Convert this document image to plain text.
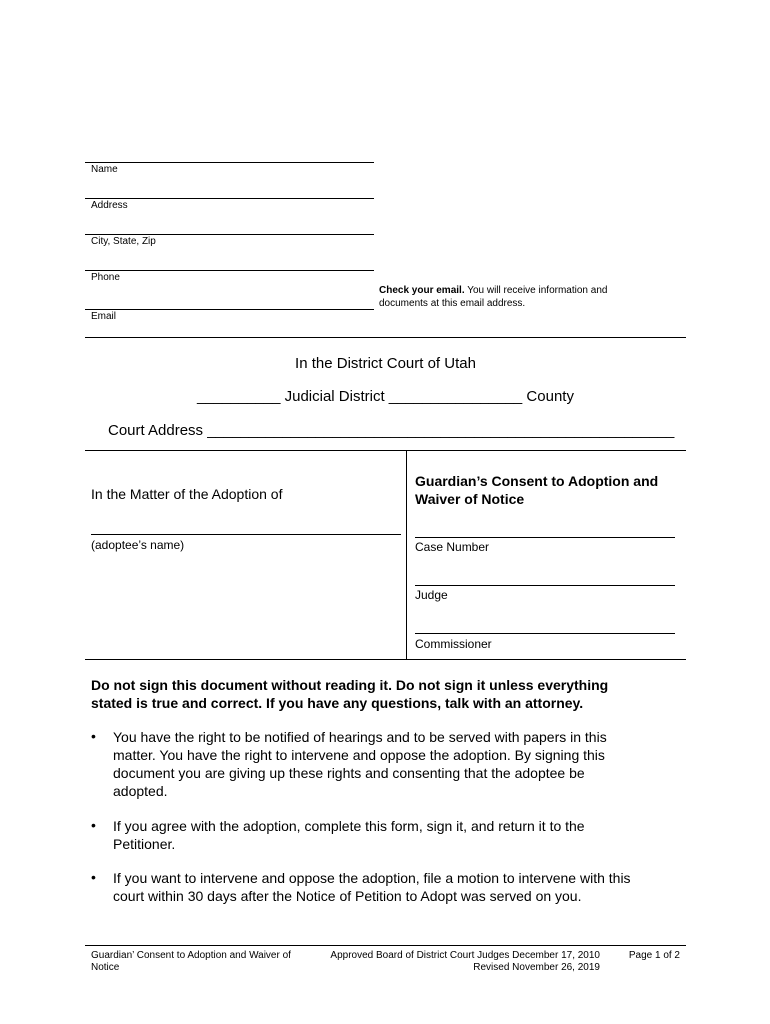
Name
Address
City, State, Zip
Phone
Email
Check your email. You will receive information and
documents at this email address.
In the District Court of Utah
__________ Judicial District ________________ County
Court Address ________________________________________________________
In the Matter of the Adoption of
(adoptee’s name)
Guardian’s Consent to Adoption and
Waiver of Notice
Case Number
Judge
Commissioner
Do not sign this document without reading it. Do not sign it unless everything
stated is true and correct. If you have any questions, talk with an attorney.
• You have the right to be notified of hearings and to be served with papers in this
matter. You have the right to intervene and oppose the adoption. By signing this
document you are giving up these rights and consenting that the adoptee be
adopted.
• If you agree with the adoption, complete this form, sign it, and return it to the
Petitioner.
• If you want to intervene and oppose the adoption, file a motion to intervene with this
court within 30 days after the Notice of Petition to Adopt was served on you.
Guardian’ Consent to Adoption and Waiver of
Notice
Approved Board of District Court Judges December 17, 2010
Revised November 26, 2019
Page 1 of 2
